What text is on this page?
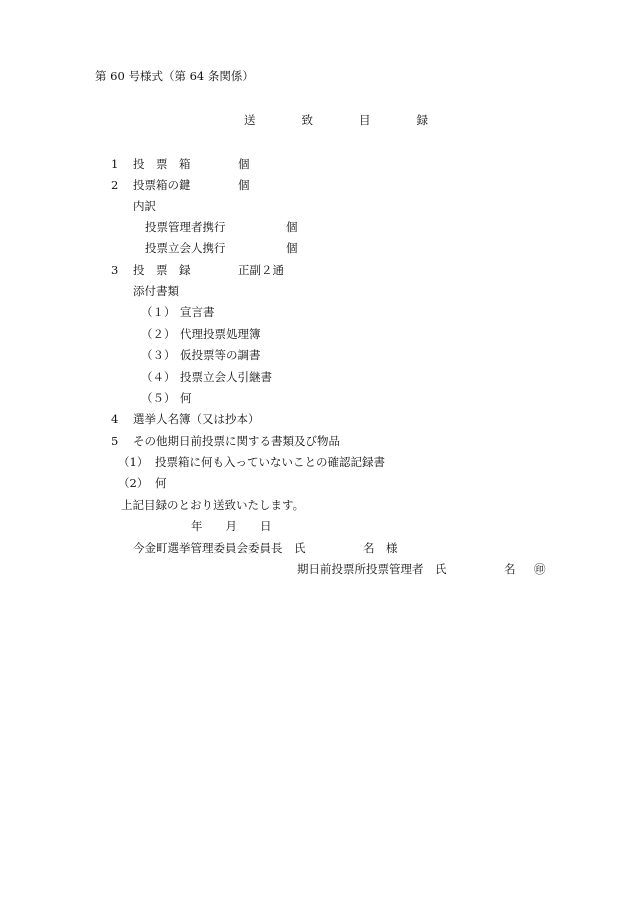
第 60 号様式（第 64 条関係）
送　　　　致　　　　目　　　　録
1 投　票　箱	個
2 投票箱の鍵	個
内訳
投票管理者携行	個
投票立会人携行	個
3 投　票　録	正副２通
添付書類
（１） 宣言書
（２） 代理投票処理簿
（３） 仮投票等の調書
（４） 投票立会人引継書
（５） 何
4 選挙人名簿（又は抄本）
5 その他期日前投票に関する書類及び物品
（1） 投票箱に何も入っていないことの確認記録書
（2） 何
上記目録のとおり送致いたします。
年　　月　　日
今金町選挙管理委員会委員長　氏　　　　　名　様
期日前投票所投票管理者　氏　　　　　名 ㊞
